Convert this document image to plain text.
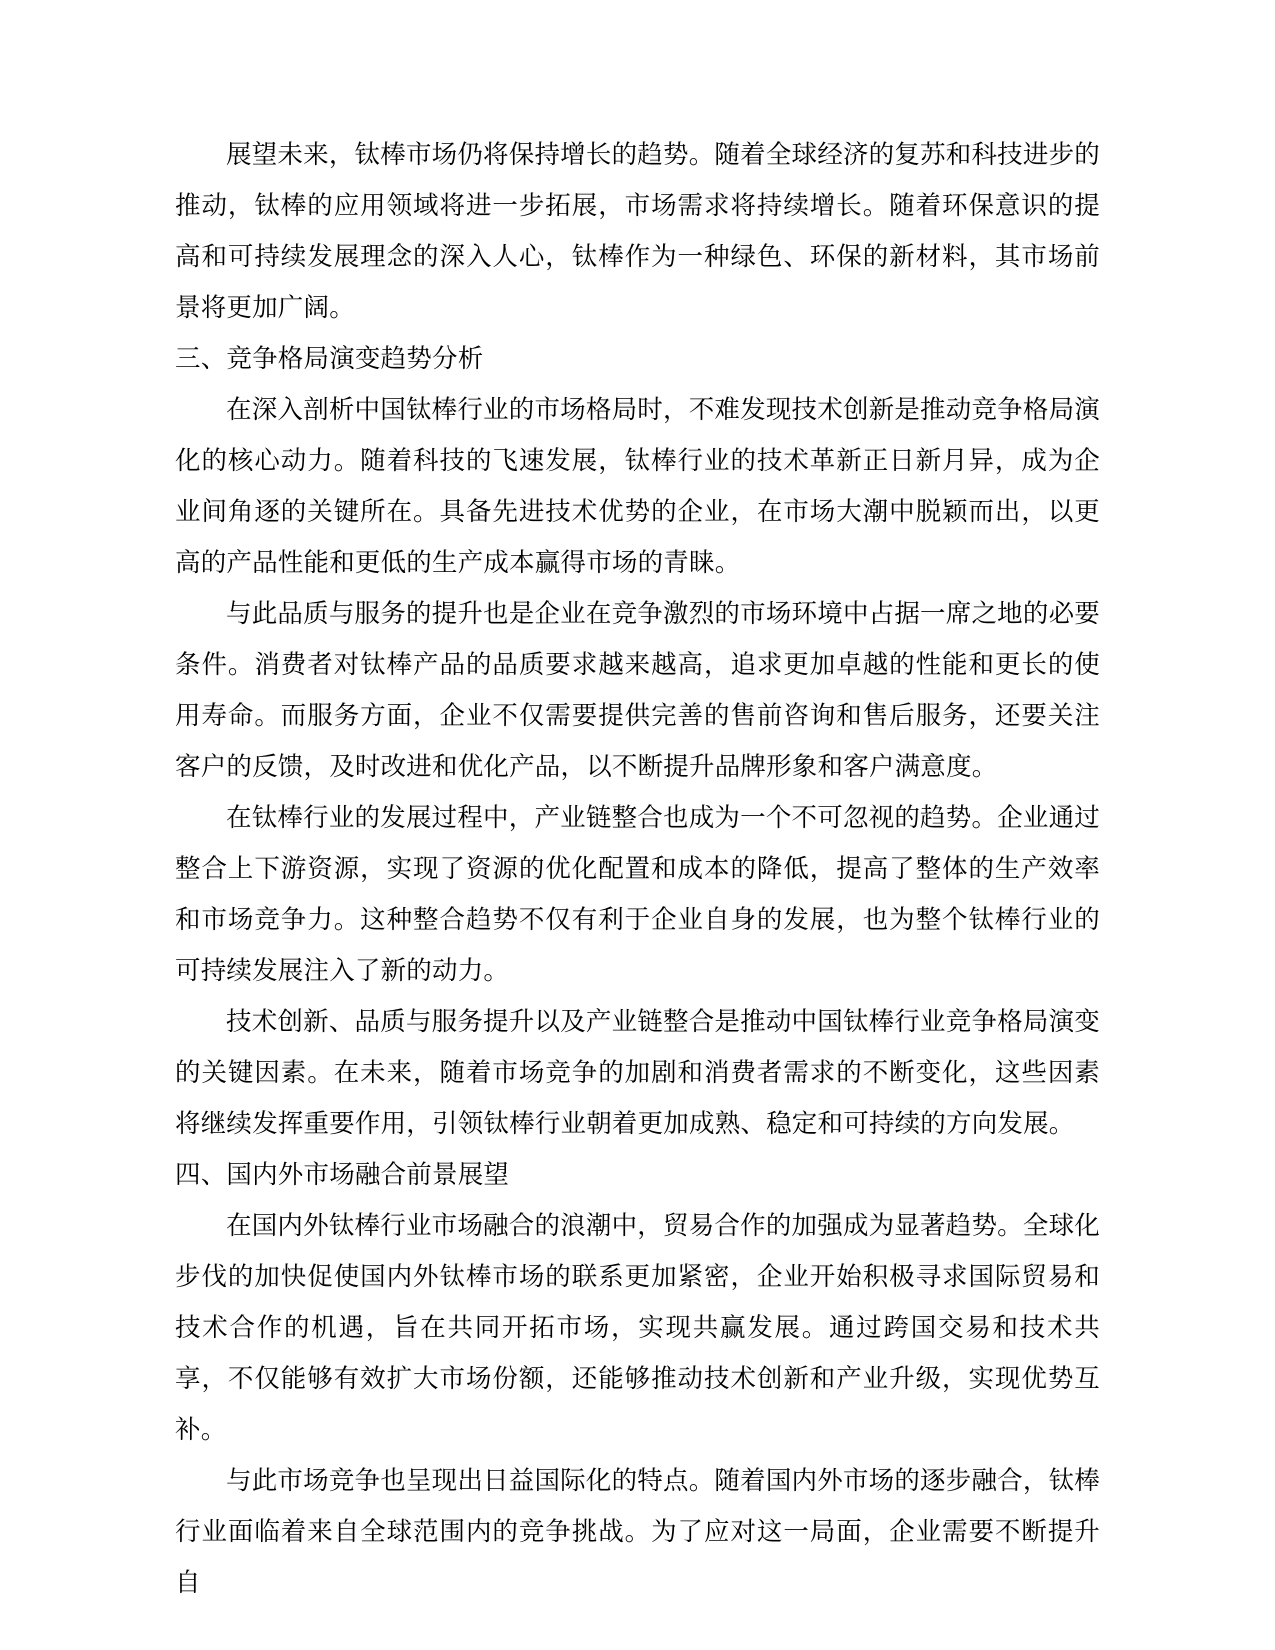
展望未来，钛棒市场仍将保持增长的趋势。随着全球经济的复苏和科技进步的推动，钛棒的应用领域将进一步拓展，市场需求将持续增长。随着环保意识的提高和可持续发展理念的深入人心，钛棒作为一种绿色、环保的新材料，其市场前景将更加广阔。

三、竞争格局演变趋势分析

在深入剖析中国钛棒行业的市场格局时，不难发现技术创新是推动竞争格局演化的核心动力。随着科技的飞速发展，钛棒行业的技术革新正日新月异，成为企业间角逐的关键所在。具备先进技术优势的企业，在市场大潮中脱颖而出，以更高的产品性能和更低的生产成本赢得市场的青睐。

与此品质与服务的提升也是企业在竞争激烈的市场环境中占据一席之地的必要条件。消费者对钛棒产品的品质要求越来越高，追求更加卓越的性能和更长的使用寿命。而服务方面，企业不仅需要提供完善的售前咨询和售后服务，还要关注客户的反馈，及时改进和优化产品，以不断提升品牌形象和客户满意度。

在钛棒行业的发展过程中，产业链整合也成为一个不可忽视的趋势。企业通过整合上下游资源，实现了资源的优化配置和成本的降低，提高了整体的生产效率和市场竞争力。这种整合趋势不仅有利于企业自身的发展，也为整个钛棒行业的可持续发展注入了新的动力。

技术创新、品质与服务提升以及产业链整合是推动中国钛棒行业竞争格局演变的关键因素。在未来，随着市场竞争的加剧和消费者需求的不断变化，这些因素将继续发挥重要作用，引领钛棒行业朝着更加成熟、稳定和可持续的方向发展。

四、国内外市场融合前景展望

在国内外钛棒行业市场融合的浪潮中，贸易合作的加强成为显著趋势。全球化步伐的加快促使国内外钛棒市场的联系更加紧密，企业开始积极寻求国际贸易和技术合作的机遇，旨在共同开拓市场，实现共赢发展。通过跨国交易和技术共享，不仅能够有效扩大市场份额，还能够推动技术创新和产业升级，实现优势互补。

与此市场竞争也呈现出日益国际化的特点。随着国内外市场的逐步融合，钛棒行业面临着来自全球范围内的竞争挑战。为了应对这一局面，企业需要不断提升自
